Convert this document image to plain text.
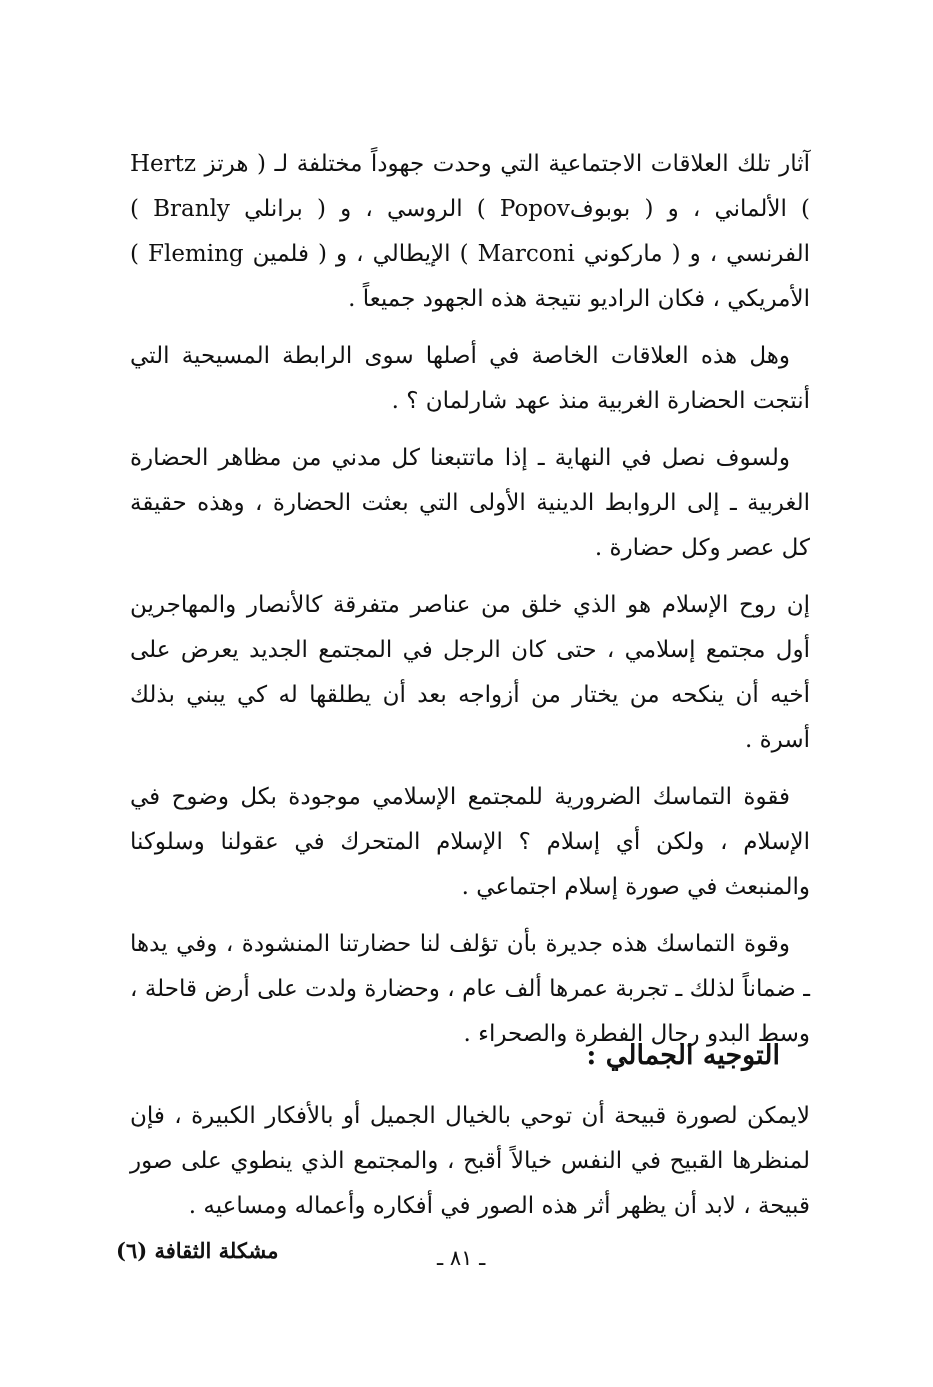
آثار تلك العلاقات الاجتماعية التي وحدت جهوداً مختلفة لـ ( هرتز Hertz ) الألماني ، و ( بوبوفPopov ) الروسي ، و ( برانلي Branly ) الفرنسي ، و ( ماركوني Marconi ) الإيطالي ، و ( فلمين Fleming ) الأمريكي ، فكان الراديو نتيجة هذه الجهود جميعاً .

وهل هذه العلاقات الخاصة في أصلها سوى الرابطة المسيحية التي أنتجت الحضارة الغربية منذ عهد شارلمان ؟ .

ولسوف نصل في النهاية ـ إذا ماتتبعنا كل مدني من مظاهر الحضارة الغربية ـ إلى الروابط الدينية الأولى التي بعثت الحضارة ، وهذه حقيقة كل عصر وكل حضارة .

إن روح الإسلام هو الذي خلق من عناصر متفرقة كالأنصار والمهاجرين أول مجتمع إسلامي ، حتى كان الرجل في المجتمع الجديد يعرض على أخيه أن ينكحه من يختار من أزواجه بعد أن يطلقها له كي يبني بذلك أسرة .

فقوة التماسك الضرورية للمجتمع الإسلامي موجودة بكل وضوح في الإسلام ، ولكن أي إسلام ؟ الإسلام المتحرك في عقولنا وسلوكنا والمنبعث في صورة إسلام اجتماعي .

وقوة التماسك هذه جديرة بأن تؤلف لنا حضارتنا المنشودة ، وفي يدها ـ ضماناً لذلك ـ تجربة عمرها ألف عام ، وحضارة ولدت على أرض قاحلة ، وسط البدو رجال الفطرة والصحراء .

التوجيه الجمالي :

لايمكن لصورة قبيحة أن توحي بالخيال الجميل أو بالأفكار الكبيرة ، فإن لمنظرها القبيح في النفس خيالاً أقبح ، والمجتمع الذي ينطوي على صور قبيحة ، لابد أن يظهر أثر هذه الصور في أفكاره وأعماله ومساعيه .

مشكلة الثقافة (٦)	ـ ٨١ ـ
